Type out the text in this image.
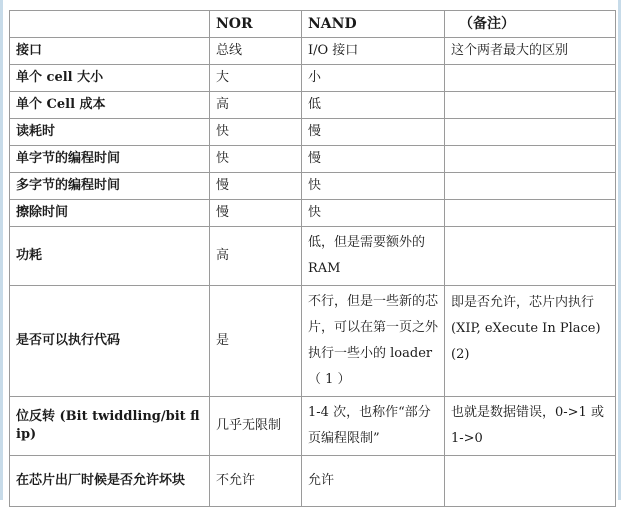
	NOR	NAND	（备注）
接口	总线	I/O 接口	这个两者最大的区别
单个 cell 大小	大	小	
单个 Cell 成本	高	低	
读耗时	快	慢	
单字节的编程时间	快	慢	
多字节的编程时间	慢	快	
擦除时间	慢	快	
功耗	高	低，但是需要额外的 RAM	
是否可以执行代码	是	不行，但是一些新的芯片，可以在第一页之外执行一些小的 loader （ 1 ）	即是否允许，芯片内执行 (XIP, eXecute In Place) (2)
位反转 (Bit twiddling/bit flip)	几乎无限制	1-4 次，也称作“部分页编程限制”	也就是数据错误，0->1 或 1->0
在芯片出厂时候是否允许坏块	不允许	允许	
